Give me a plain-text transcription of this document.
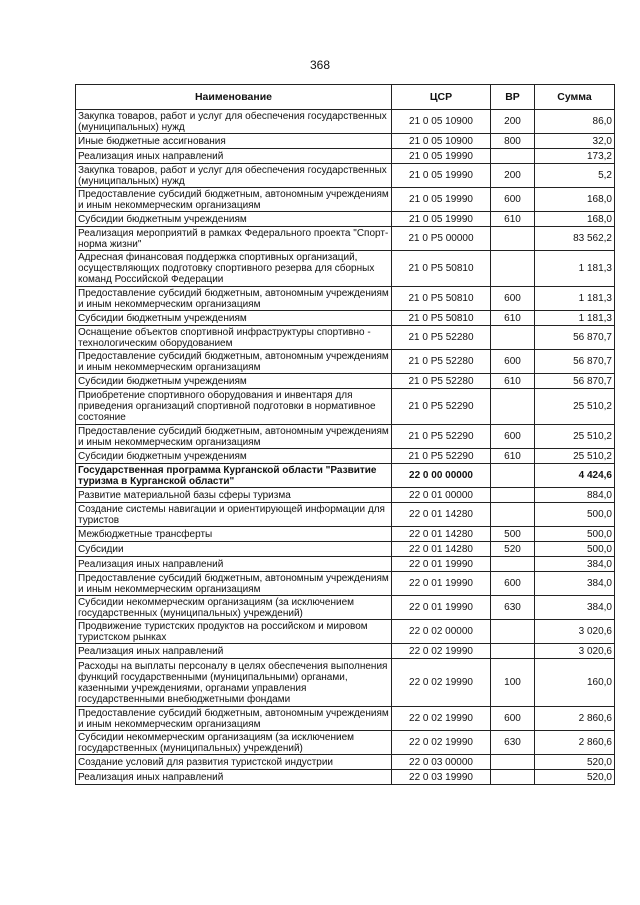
368
Наименование	ЦСР	ВР	Сумма
Закупка товаров, работ и услуг для обеспечения государственных (муниципальных) нужд	21 0 05 10900	200	86,0
Иные бюджетные ассигнования	21 0 05 10900	800	32,0
Реализация иных направлений	21 0 05 19990		173,2
Закупка товаров, работ и услуг для обеспечения государственных (муниципальных) нужд	21 0 05 19990	200	5,2
Предоставление субсидий бюджетным, автономным учреждениям и иным некоммерческим организациям	21 0 05 19990	600	168,0
Субсидии бюджетным учреждениям	21 0 05 19990	610	168,0
Реализация мероприятий в рамках Федерального проекта "Спорт-норма жизни"	21 0 P5 00000		83 562,2
Адресная финансовая поддержка спортивных организаций, осуществляющих подготовку спортивного резерва для сборных команд Российской Федерации	21 0 P5 50810		1 181,3
Предоставление субсидий бюджетным, автономным учреждениям и иным некоммерческим организациям	21 0 P5 50810	600	1 181,3
Субсидии бюджетным учреждениям	21 0 P5 50810	610	1 181,3
Оснащение объектов спортивной инфраструктуры спортивно - технологическим оборудованием	21 0 P5 52280		56 870,7
Предоставление субсидий бюджетным, автономным учреждениям и иным некоммерческим организациям	21 0 P5 52280	600	56 870,7
Субсидии бюджетным учреждениям	21 0 P5 52280	610	56 870,7
Приобретение спортивного оборудования и инвентаря для приведения организаций спортивной подготовки в нормативное состояние	21 0 P5 52290		25 510,2
Предоставление субсидий бюджетным, автономным учреждениям и иным некоммерческим организациям	21 0 P5 52290	600	25 510,2
Субсидии бюджетным учреждениям	21 0 P5 52290	610	25 510,2
Государственная программа Курганской области "Развитие туризма в Курганской области"	22 0 00 00000		4 424,6
Развитие материальной базы сферы туризма	22 0 01 00000		884,0
Создание системы навигации и ориентирующей информации для туристов	22 0 01 14280		500,0
Межбюджетные трансферты	22 0 01 14280	500	500,0
Субсидии	22 0 01 14280	520	500,0
Реализация иных направлений	22 0 01 19990		384,0
Предоставление субсидий бюджетным, автономным учреждениям и иным некоммерческим организациям	22 0 01 19990	600	384,0
Субсидии некоммерческим организациям (за исключением государственных (муниципальных) учреждений)	22 0 01 19990	630	384,0
Продвижение туристских продуктов на российском и мировом туристском рынках	22 0 02 00000		3 020,6
Реализация иных направлений	22 0 02 19990		3 020,6
Расходы на выплаты персоналу в целях обеспечения выполнения функций государственными (муниципальными) органами, казенными учреждениями, органами управления государственными внебюджетными фондами	22 0 02 19990	100	160,0
Предоставление субсидий бюджетным, автономным учреждениям и иным некоммерческим организациям	22 0 02 19990	600	2 860,6
Субсидии некоммерческим организациям (за исключением государственных (муниципальных) учреждений)	22 0 02 19990	630	2 860,6
Создание условий для развития туристской индустрии	22 0 03 00000		520,0
Реализация иных направлений	22 0 03 19990		520,0
